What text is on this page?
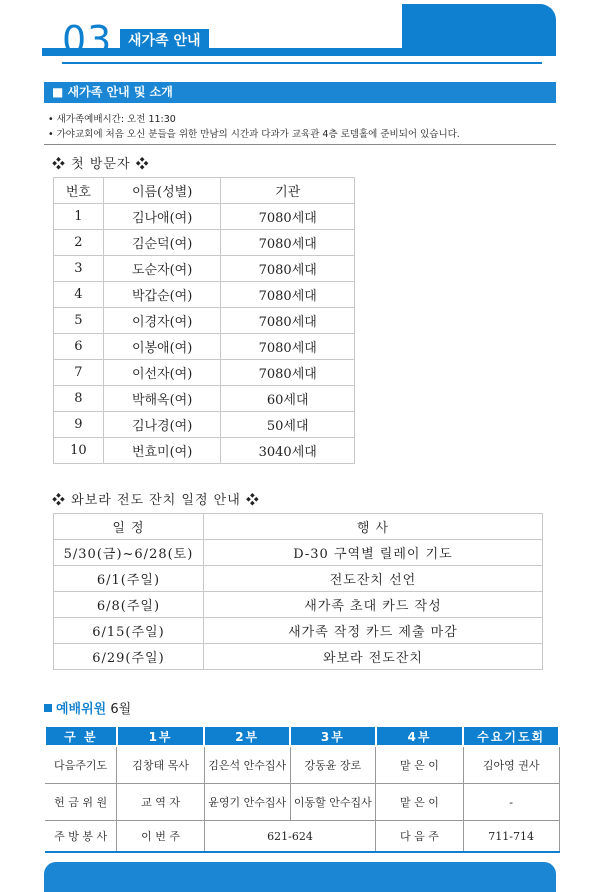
03	새가족 안내
■ 새가족 안내 및 소개
• 새가족예배시간: 오전 11:30
• 가야교회에 처음 오신 분들을 위한 만남의 시간과 다과가 교육관 4층 로뎀홀에 준비되어 있습니다.
❖ 첫 방문자 ❖
번호	이름(성별)	기관
1	김나애(여)	7080세대
2	김순덕(여)	7080세대
3	도순자(여)	7080세대
4	박갑순(여)	7080세대
5	이경자(여)	7080세대
6	이봉애(여)	7080세대
7	이선자(여)	7080세대
8	박해옥(여)	60세대
9	김나경(여)	50세대
10	번효미(여)	3040세대
❖ 와보라 전도 잔치 일정 안내 ❖
일 정	행 사
5/30(금)~6/28(토)	D-30 구역별 릴레이 기도
6/1(주일)	전도잔치 선언
6/8(주일)	새가족 초대 카드 작성
6/15(주일)	새가족 작정 카드 제출 마감
6/29(주일)	와보라 전도잔치
예배위원 6월
구 분	1부	2부	3부	4부	수요기도회
다음주기도	김창태 목사	김은석 안수집사	강동윤 장로	맡 은 이	김아영 권사
헌 금 위 원	교 역 자	윤영기 안수집사	이동할 안수집사	맡 은 이	-
주 방 봉 사	이 번 주	621-624		다 음 주	711-714
